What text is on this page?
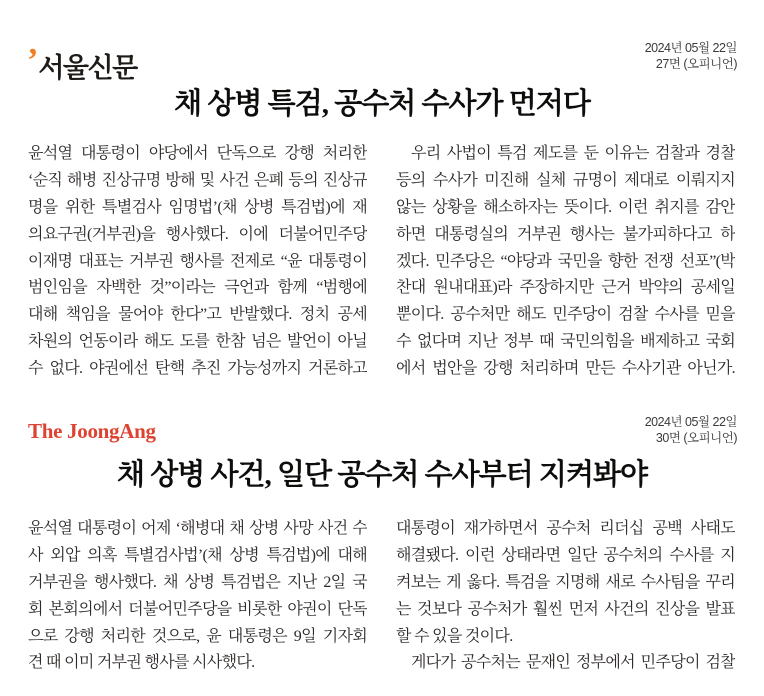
’서울신문
2024년 05월 22일
27면 (오피니언)
채 상병 특검, 공수처 수사가 먼저다
윤석열 대통령이 야당에서 단독으로 강행 처리한
‘순직 해병 진상규명 방해 및 사건 은폐 등의 진상규
명을 위한 특별검사 임명법’(채 상병 특검법)에 재
의요구권(거부권)을 행사했다. 이에 더불어민주당
이재명 대표는 거부권 행사를 전제로 “윤 대통령이
범인임을 자백한 것”이라는 극언과 함께 “범행에
대해 책임을 물어야 한다”고 반발했다. 정치 공세
차원의 언동이라 해도 도를 한참 넘은 발언이 아닐
수 없다. 야권에선 탄핵 추진 가능성까지 거론하고
우리 사법이 특검 제도를 둔 이유는 검찰과 경찰
등의 수사가 미진해 실체 규명이 제대로 이뤄지지
않는 상황을 해소하자는 뜻이다. 이런 취지를 감안
하면 대통령실의 거부권 행사는 불가피하다고 하
겠다. 민주당은 “야당과 국민을 향한 전쟁 선포”(박
찬대 원내대표)라 주장하지만 근거 박약의 공세일
뿐이다. 공수처만 해도 민주당이 검찰 수사를 믿을
수 없다며 지난 정부 때 국민의힘을 배제하고 국회
에서 법안을 강행 처리하며 만든 수사기관 아닌가.
The JoongAng	2024년 05월 22일
30면 (오피니언)
채 상병 사건, 일단 공수처 수사부터 지켜봐야
윤석열 대통령이 어제 ‘해병대 채 상병 사망 사건 수
사 외압 의혹 특별검사법’(채 상병 특검법)에 대해
거부권을 행사했다. 채 상병 특검법은 지난 2일 국
회 본회의에서 더불어민주당을 비롯한 야권이 단독
으로 강행 처리한 것으로, 윤 대통령은 9일 기자회
견 때 이미 거부권 행사를 시사했다.
대통령이 재가하면서 공수처 리더십 공백 사태도
해결됐다. 이런 상태라면 일단 공수처의 수사를 지
켜보는 게 옳다. 특검을 지명해 새로 수사팀을 꾸리
는 것보다 공수처가 훨씬 먼저 사건의 진상을 발표
할 수 있을 것이다.
게다가 공수처는 문재인 정부에서 민주당이 검찰
